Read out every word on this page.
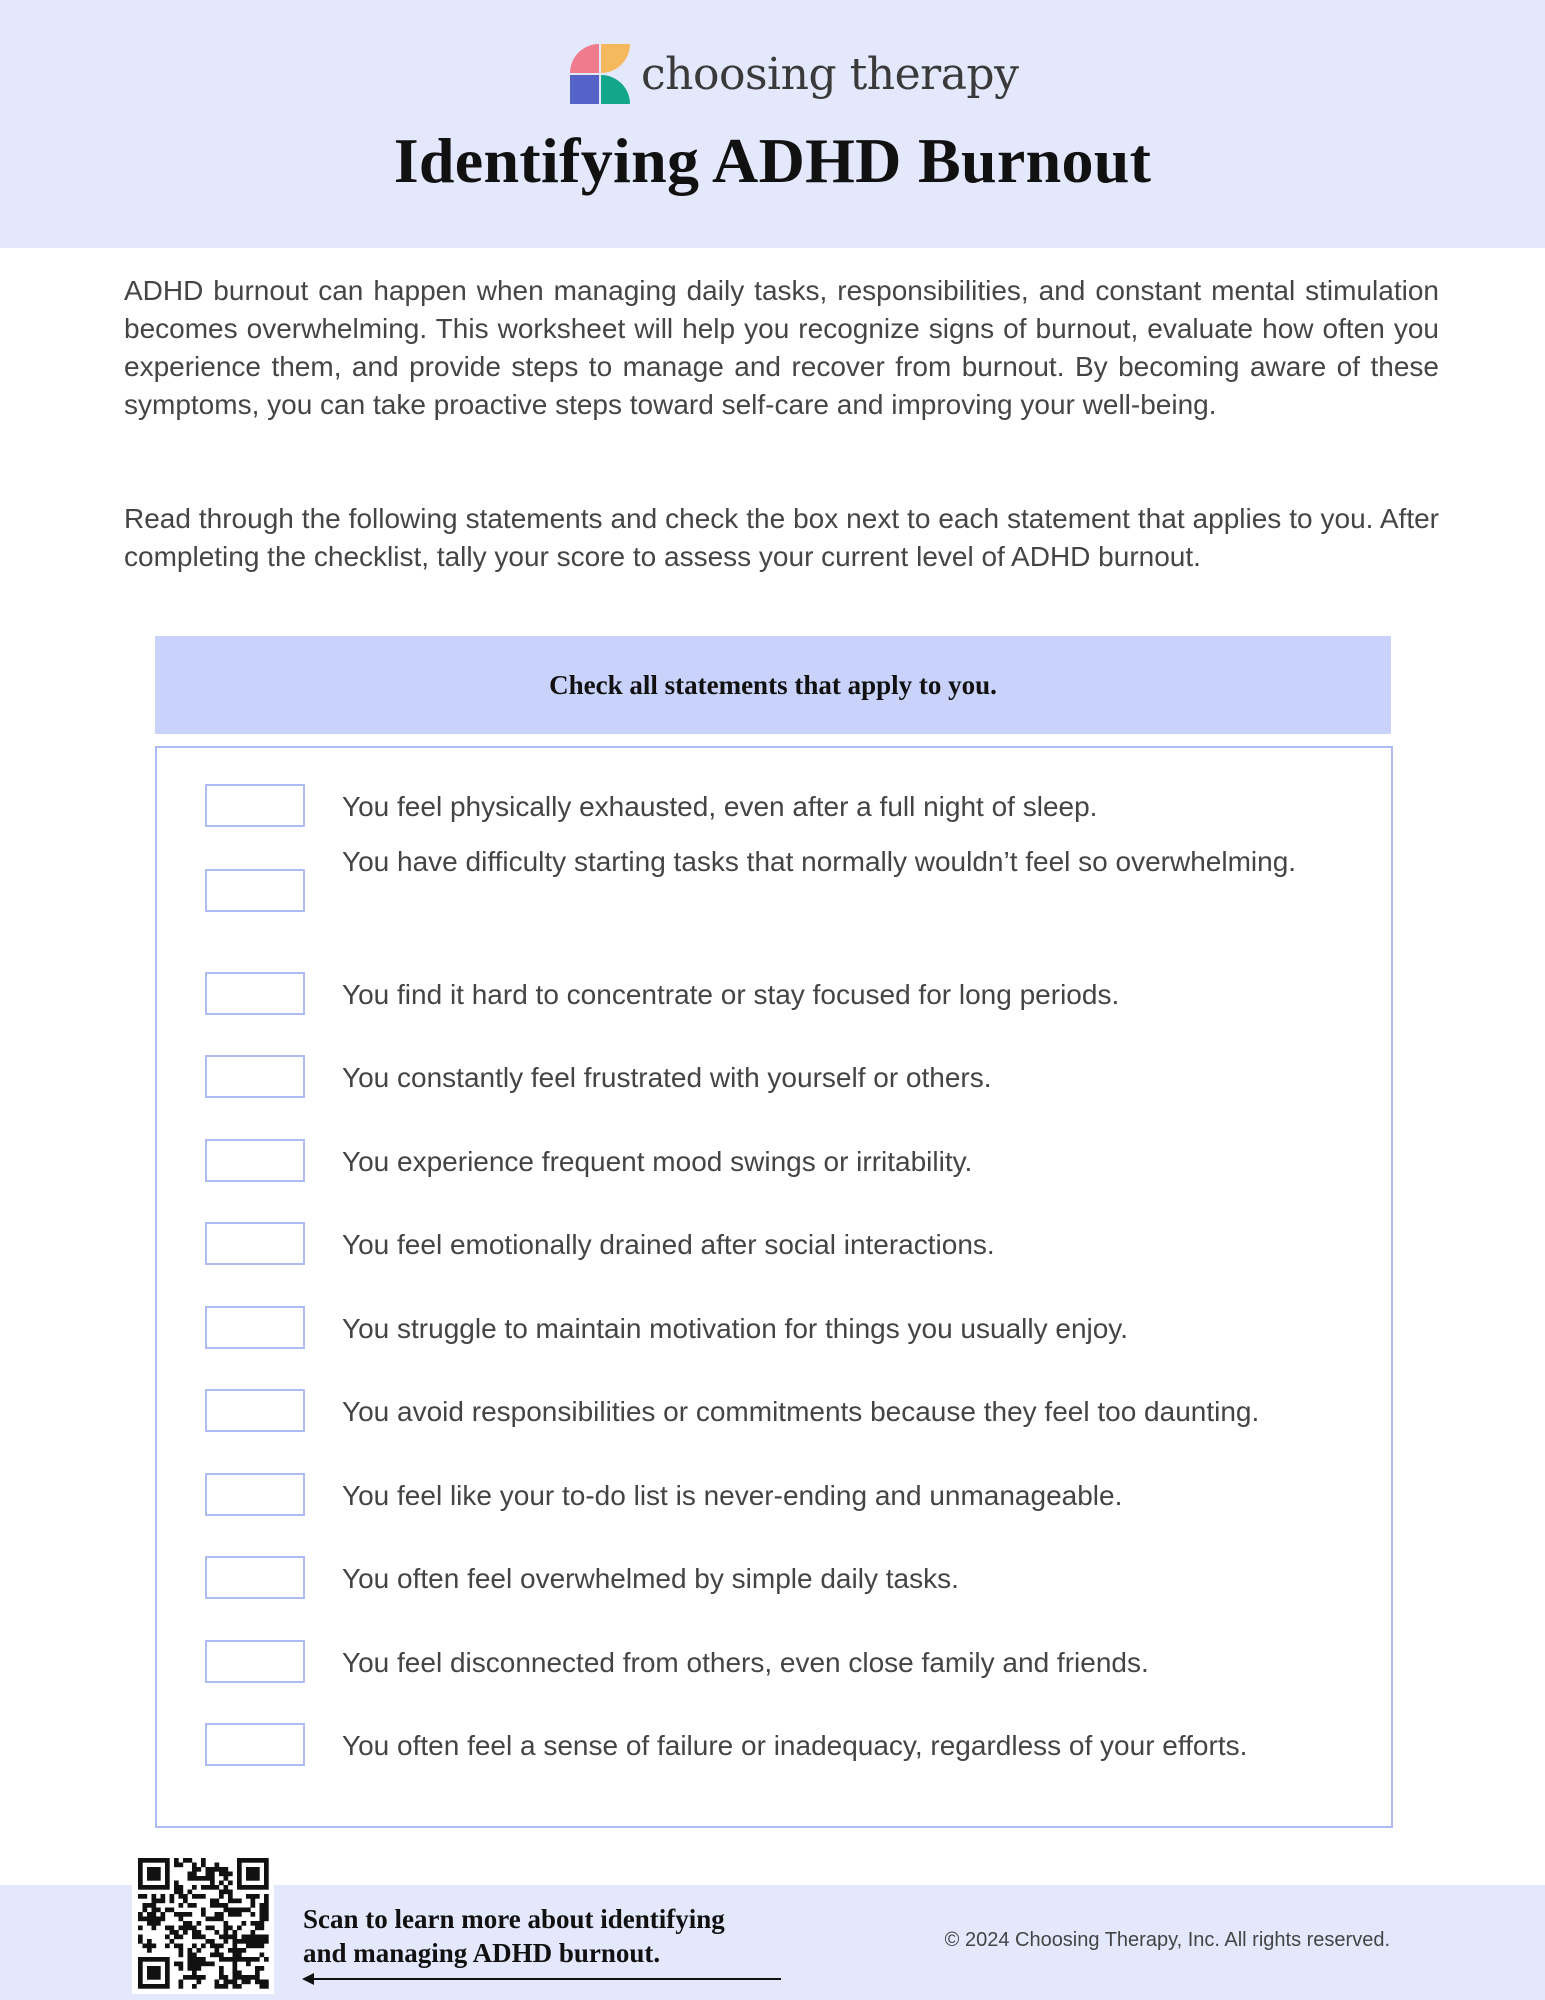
choosing therapy
Identifying ADHD Burnout

ADHD burnout can happen when managing daily tasks, responsibilities, and constant mental stimulation becomes overwhelming. This worksheet will help you recognize signs of burnout, evaluate how often you experience them, and provide steps to manage and recover from burnout. By becoming aware of these symptoms, you can take proactive steps toward self-care and improving your well-being.

Read through the following statements and check the box next to each statement that applies to you. After completing the checklist, tally your score to assess your current level of ADHD burnout.

Check all statements that apply to you.
You feel physically exhausted, even after a full night of sleep.
You have difficulty starting tasks that normally wouldn’t feel so overwhelming.
You find it hard to concentrate or stay focused for long periods.
You constantly feel frustrated with yourself or others.
You experience frequent mood swings or irritability.
You feel emotionally drained after social interactions.
You struggle to maintain motivation for things you usually enjoy.
You avoid responsibilities or commitments because they feel too daunting.
You feel like your to-do list is never-ending and unmanageable.
You often feel overwhelmed by simple daily tasks.
You feel disconnected from others, even close family and friends.
You often feel a sense of failure or inadequacy, regardless of your efforts.

Scan to learn more about identifying
and managing ADHD burnout.	© 2024 Choosing Therapy, Inc. All rights reserved.
